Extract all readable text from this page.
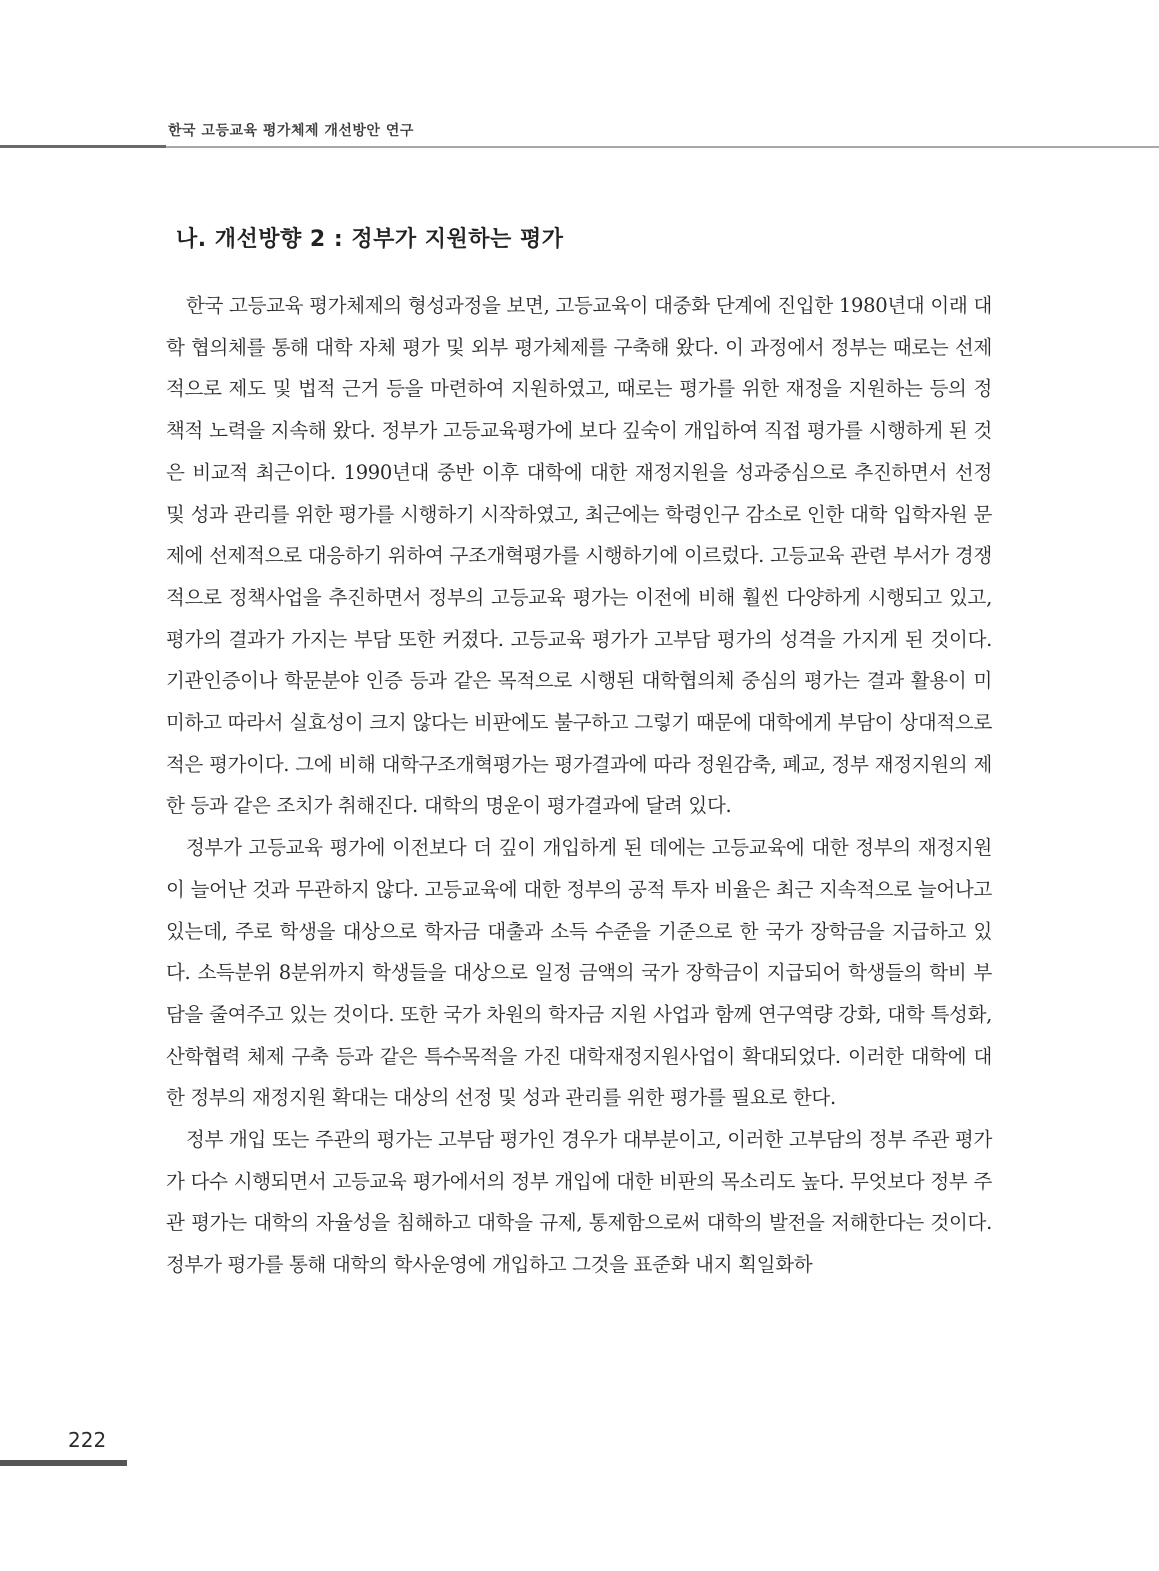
한국 고등교육 평가체제 개선방안 연구
나. 개선방향 2 : 정부가 지원하는 평가

한국 고등교육 평가체제의 형성과정을 보면, 고등교육이 대중화 단계에 진입한 1980년대 이래 대학 협의체를 통해 대학 자체 평가 및 외부 평가체제를 구축해 왔다. 이 과정에서 정부는 때로는 선제적으로 제도 및 법적 근거 등을 마련하여 지원하였고, 때로는 평가를 위한 재정을 지원하는 등의 정책적 노력을 지속해 왔다. 정부가 고등교육평가에 보다 깊숙이 개입하여 직접 평가를 시행하게 된 것은 비교적 최근이다. 1990년대 중반 이후 대학에 대한 재정지원을 성과중심으로 추진하면서 선정 및 성과 관리를 위한 평가를 시행하기 시작하였고, 최근에는 학령인구 감소로 인한 대학 입학자원 문제에 선제적으로 대응하기 위하여 구조개혁평가를 시행하기에 이르렀다. 고등교육 관련 부서가 경쟁적으로 정책사업을 추진하면서 정부의 고등교육 평가는 이전에 비해 훨씬 다양하게 시행되고 있고, 평가의 결과가 가지는 부담 또한 커졌다. 고등교육 평가가 고부담 평가의 성격을 가지게 된 것이다. 기관인증이나 학문분야 인증 등과 같은 목적으로 시행된 대학협의체 중심의 평가는 결과 활용이 미미하고 따라서 실효성이 크지 않다는 비판에도 불구하고 그렇기 때문에 대학에게 부담이 상대적으로 적은 평가이다. 그에 비해 대학구조개혁평가는 평가결과에 따라 정원감축, 폐교, 정부 재정지원의 제한 등과 같은 조치가 취해진다. 대학의 명운이 평가결과에 달려 있다.

정부가 고등교육 평가에 이전보다 더 깊이 개입하게 된 데에는 고등교육에 대한 정부의 재정지원이 늘어난 것과 무관하지 않다. 고등교육에 대한 정부의 공적 투자 비율은 최근 지속적으로 늘어나고 있는데, 주로 학생을 대상으로 학자금 대출과 소득 수준을 기준으로 한 국가 장학금을 지급하고 있다. 소득분위 8분위까지 학생들을 대상으로 일정 금액의 국가 장학금이 지급되어 학생들의 학비 부담을 줄여주고 있는 것이다. 또한 국가 차원의 학자금 지원 사업과 함께 연구역량 강화, 대학 특성화, 산학협력 체제 구축 등과 같은 특수목적을 가진 대학재정지원사업이 확대되었다. 이러한 대학에 대한 정부의 재정지원 확대는 대상의 선정 및 성과 관리를 위한 평가를 필요로 한다.

정부 개입 또는 주관의 평가는 고부담 평가인 경우가 대부분이고, 이러한 고부담의 정부 주관 평가가 다수 시행되면서 고등교육 평가에서의 정부 개입에 대한 비판의 목소리도 높다. 무엇보다 정부 주관 평가는 대학의 자율성을 침해하고 대학을 규제, 통제함으로써 대학의 발전을 저해한다는 것이다. 정부가 평가를 통해 대학의 학사운영에 개입하고 그것을 표준화 내지 획일화하

222
